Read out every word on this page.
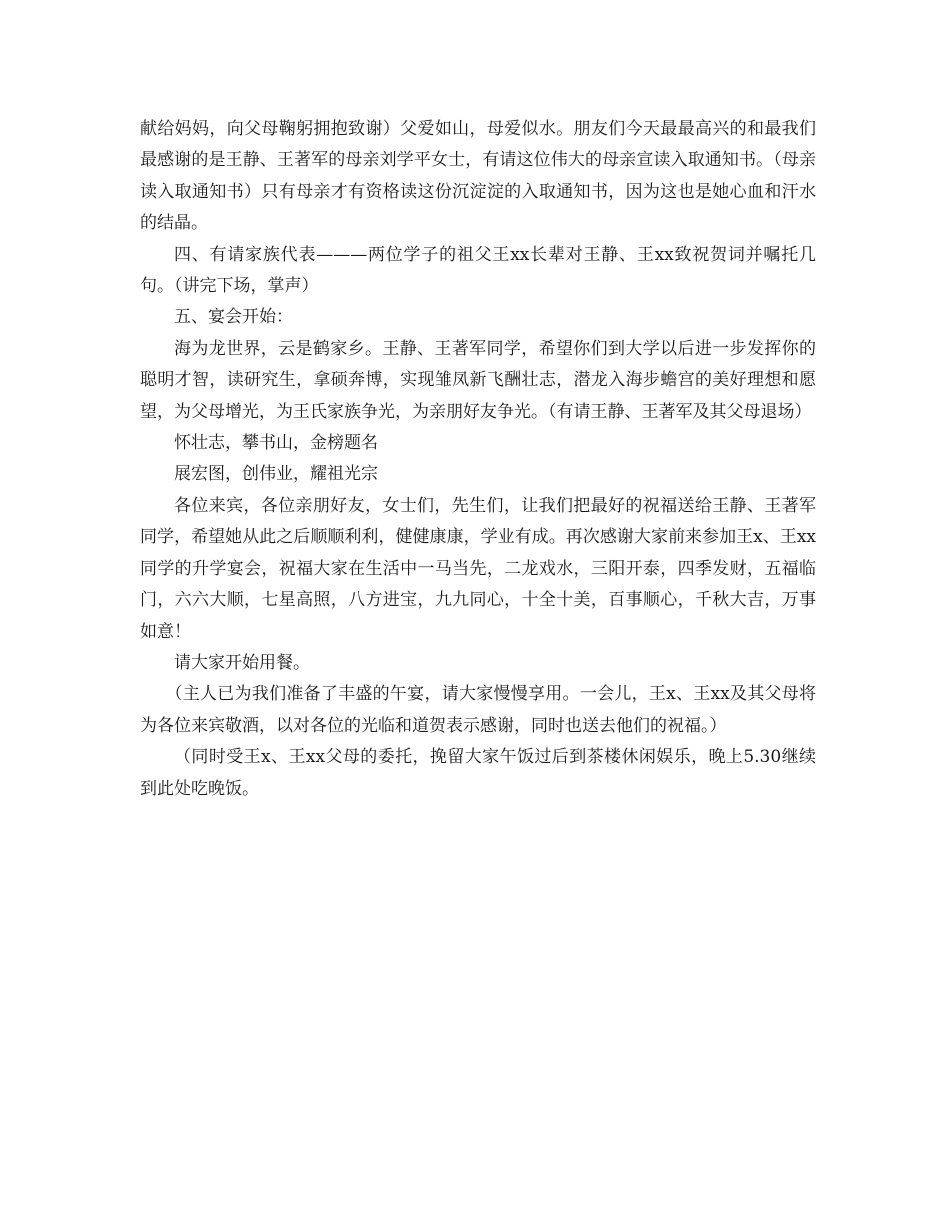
献给妈妈，向父母鞠躬拥抱致谢）父爱如山，母爱似水。朋友们今天最最高兴的和最我们最感谢的是王静、王著军的母亲刘学平女士，有请这位伟大的母亲宣读入取通知书。（母亲读入取通知书）只有母亲才有资格读这份沉淀淀的入取通知书，因为这也是她心血和汗水的结晶。

四、有请家族代表———两位学子的祖父王xx长辈对王静、王xx致祝贺词并嘱托几句。（讲完下场，掌声）

五、宴会开始：

海为龙世界，云是鹤家乡。王静、王著军同学，希望你们到大学以后进一步发挥你的聪明才智，读研究生，拿硕奔博，实现雏凤新飞酬壮志，潜龙入海步蟾宫的美好理想和愿望，为父母增光，为王氏家族争光，为亲朋好友争光。（有请王静、王著军及其父母退场）

怀壮志，攀书山，金榜题名

展宏图，创伟业，耀祖光宗

各位来宾，各位亲朋好友，女士们，先生们，让我们把最好的祝福送给王静、王著军同学，希望她从此之后顺顺利利，健健康康，学业有成。再次感谢大家前来参加王x、王xx同学的升学宴会，祝福大家在生活中一马当先，二龙戏水，三阳开泰，四季发财，五福临门，六六大顺，七星高照，八方进宝，九九同心，十全十美，百事顺心，千秋大吉，万事如意！

请大家开始用餐。

（主人已为我们准备了丰盛的午宴，请大家慢慢享用。一会儿，王x、王xx及其父母将为各位来宾敬酒，以对各位的光临和道贺表示感谢，同时也送去他们的祝福。）

（同时受王x、王xx父母的委托，挽留大家午饭过后到茶楼休闲娱乐，晚上5.30继续到此处吃晚饭。
